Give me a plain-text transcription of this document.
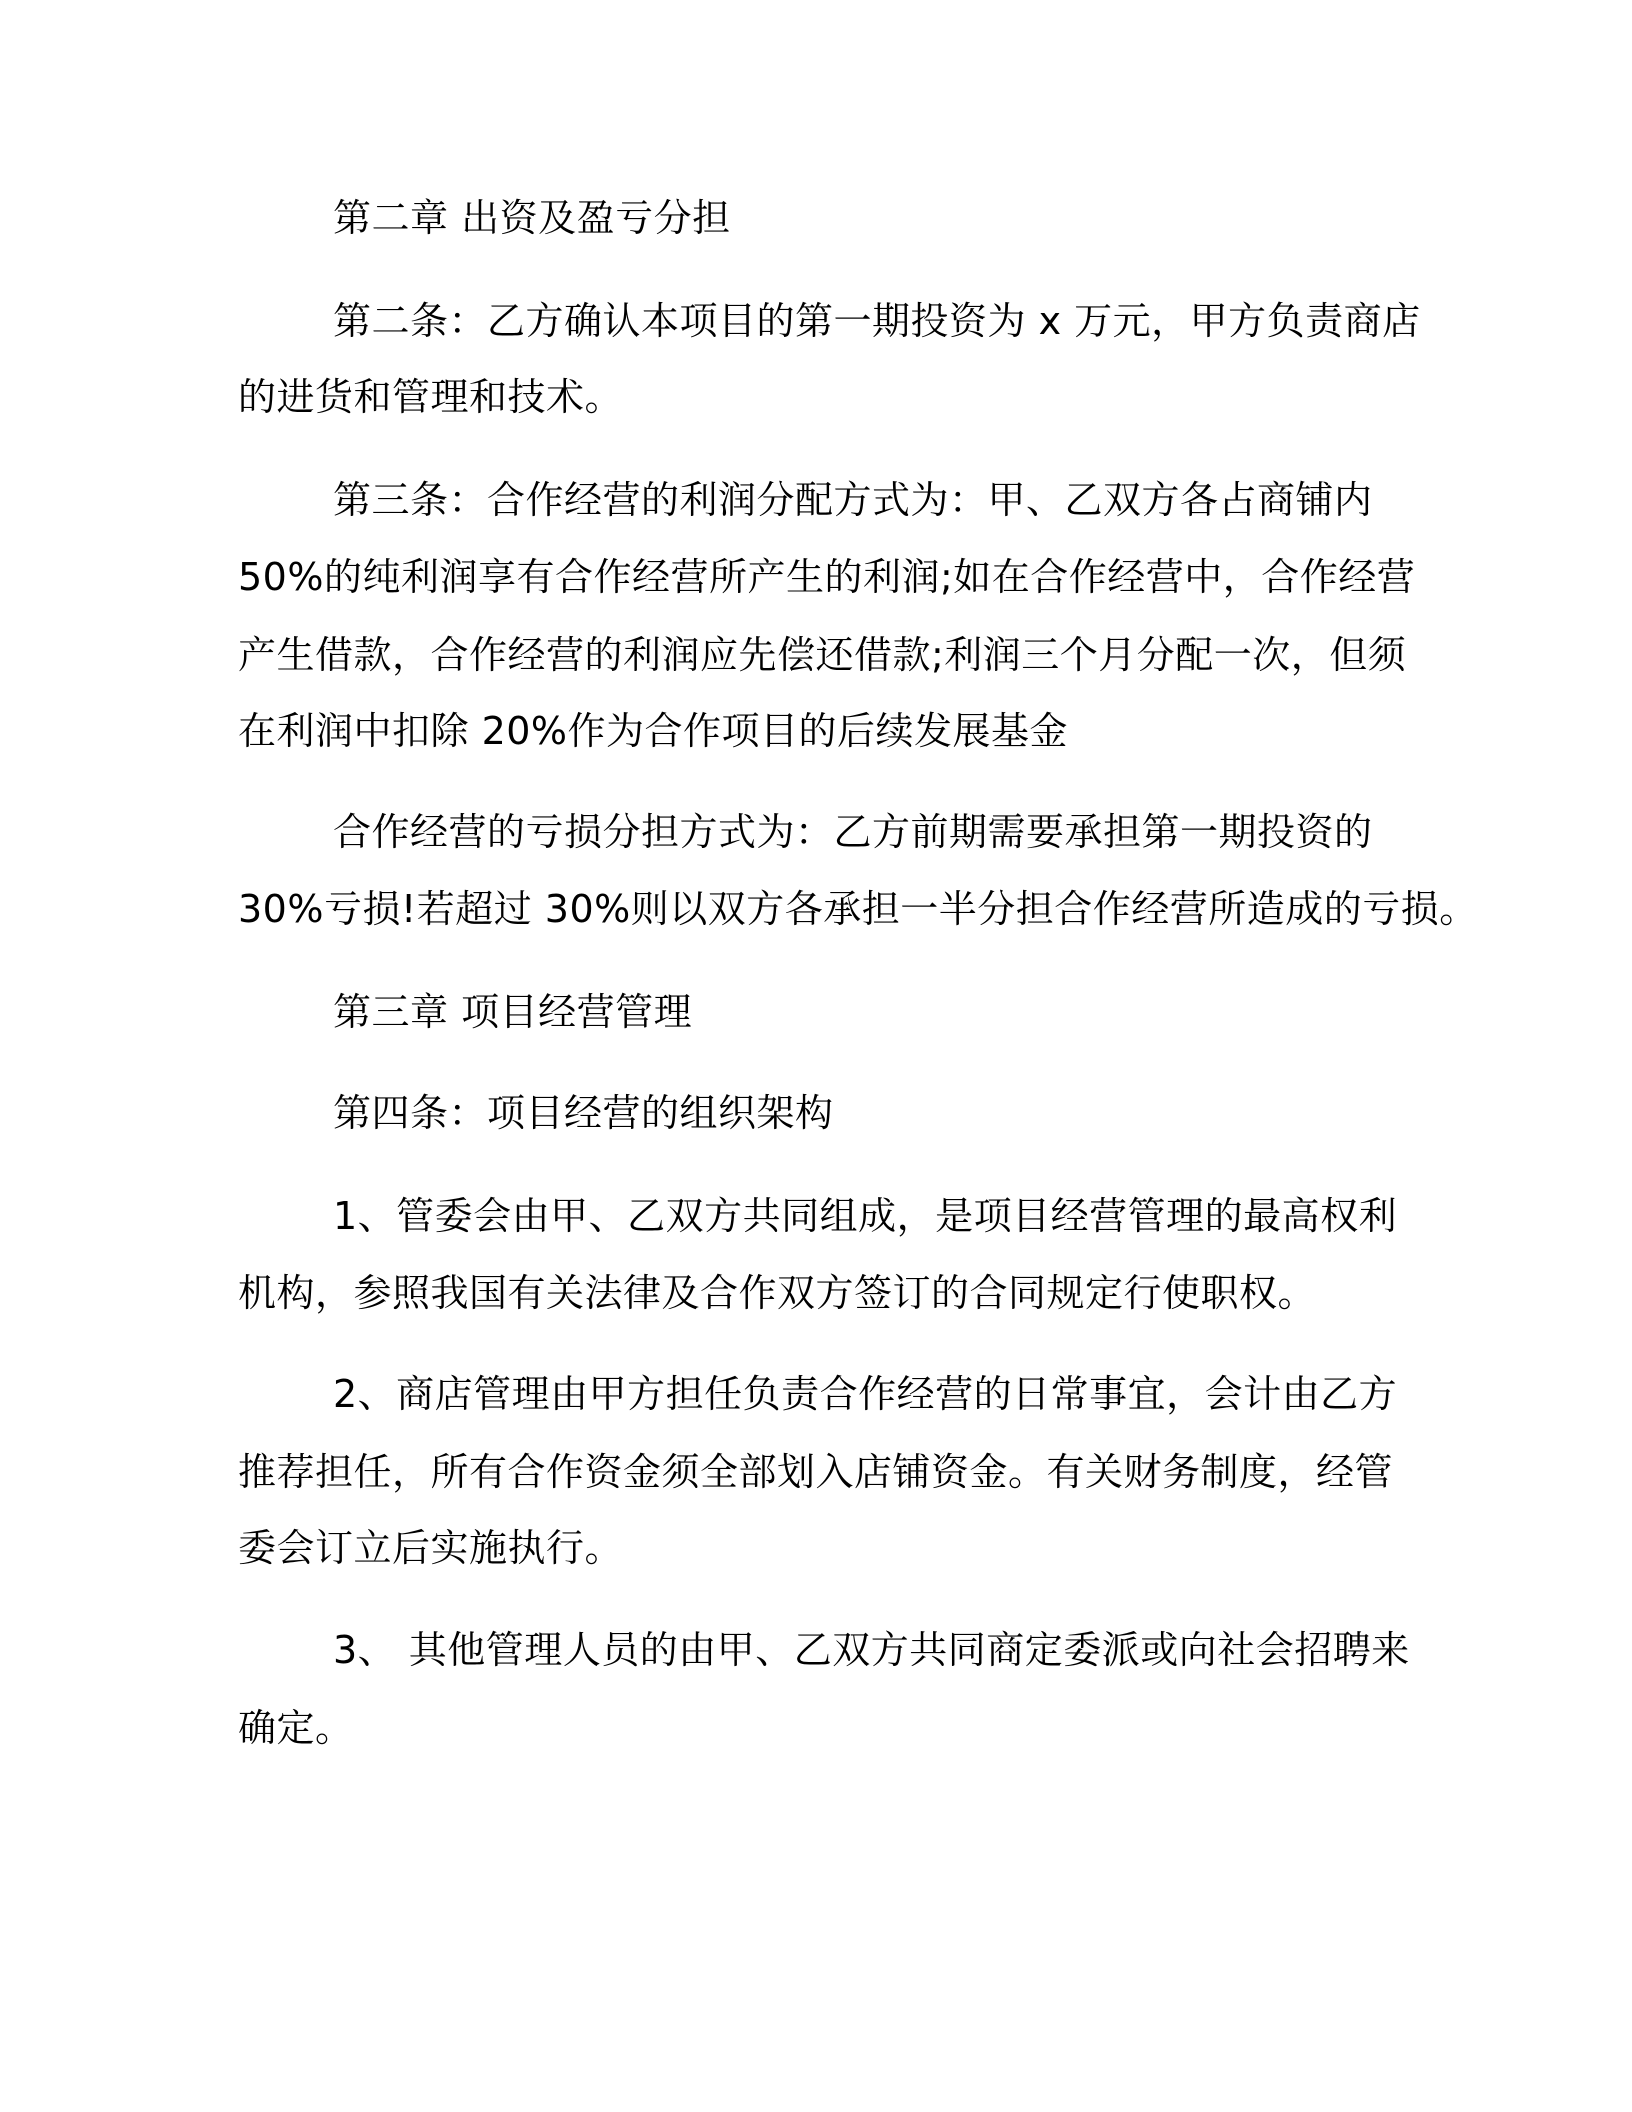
第二章 出资及盈亏分担
第二条：乙方确认本项目的第一期投资为 x 万元，甲方负责商店
的进货和管理和技术。
第三条：合作经营的利润分配方式为：甲、乙双方各占商铺内
50%的纯利润享有合作经营所产生的利润;如在合作经营中，合作经营
产生借款，合作经营的利润应先偿还借款;利润三个月分配一次，但须
在利润中扣除 20%作为合作项目的后续发展基金
合作经营的亏损分担方式为：乙方前期需要承担第一期投资的
30%亏损!若超过 30%则以双方各承担一半分担合作经营所造成的亏损。
第三章 项目经营管理
第四条：项目经营的组织架构
1、管委会由甲、乙双方共同组成，是项目经营管理的最高权利
机构，参照我国有关法律及合作双方签订的合同规定行使职权。
2、商店管理由甲方担任负责合作经营的日常事宜，会计由乙方
推荐担任，所有合作资金须全部划入店铺资金。有关财务制度，经管
委会订立后实施执行。
3、 其他管理人员的由甲、乙双方共同商定委派或向社会招聘来
确定。
